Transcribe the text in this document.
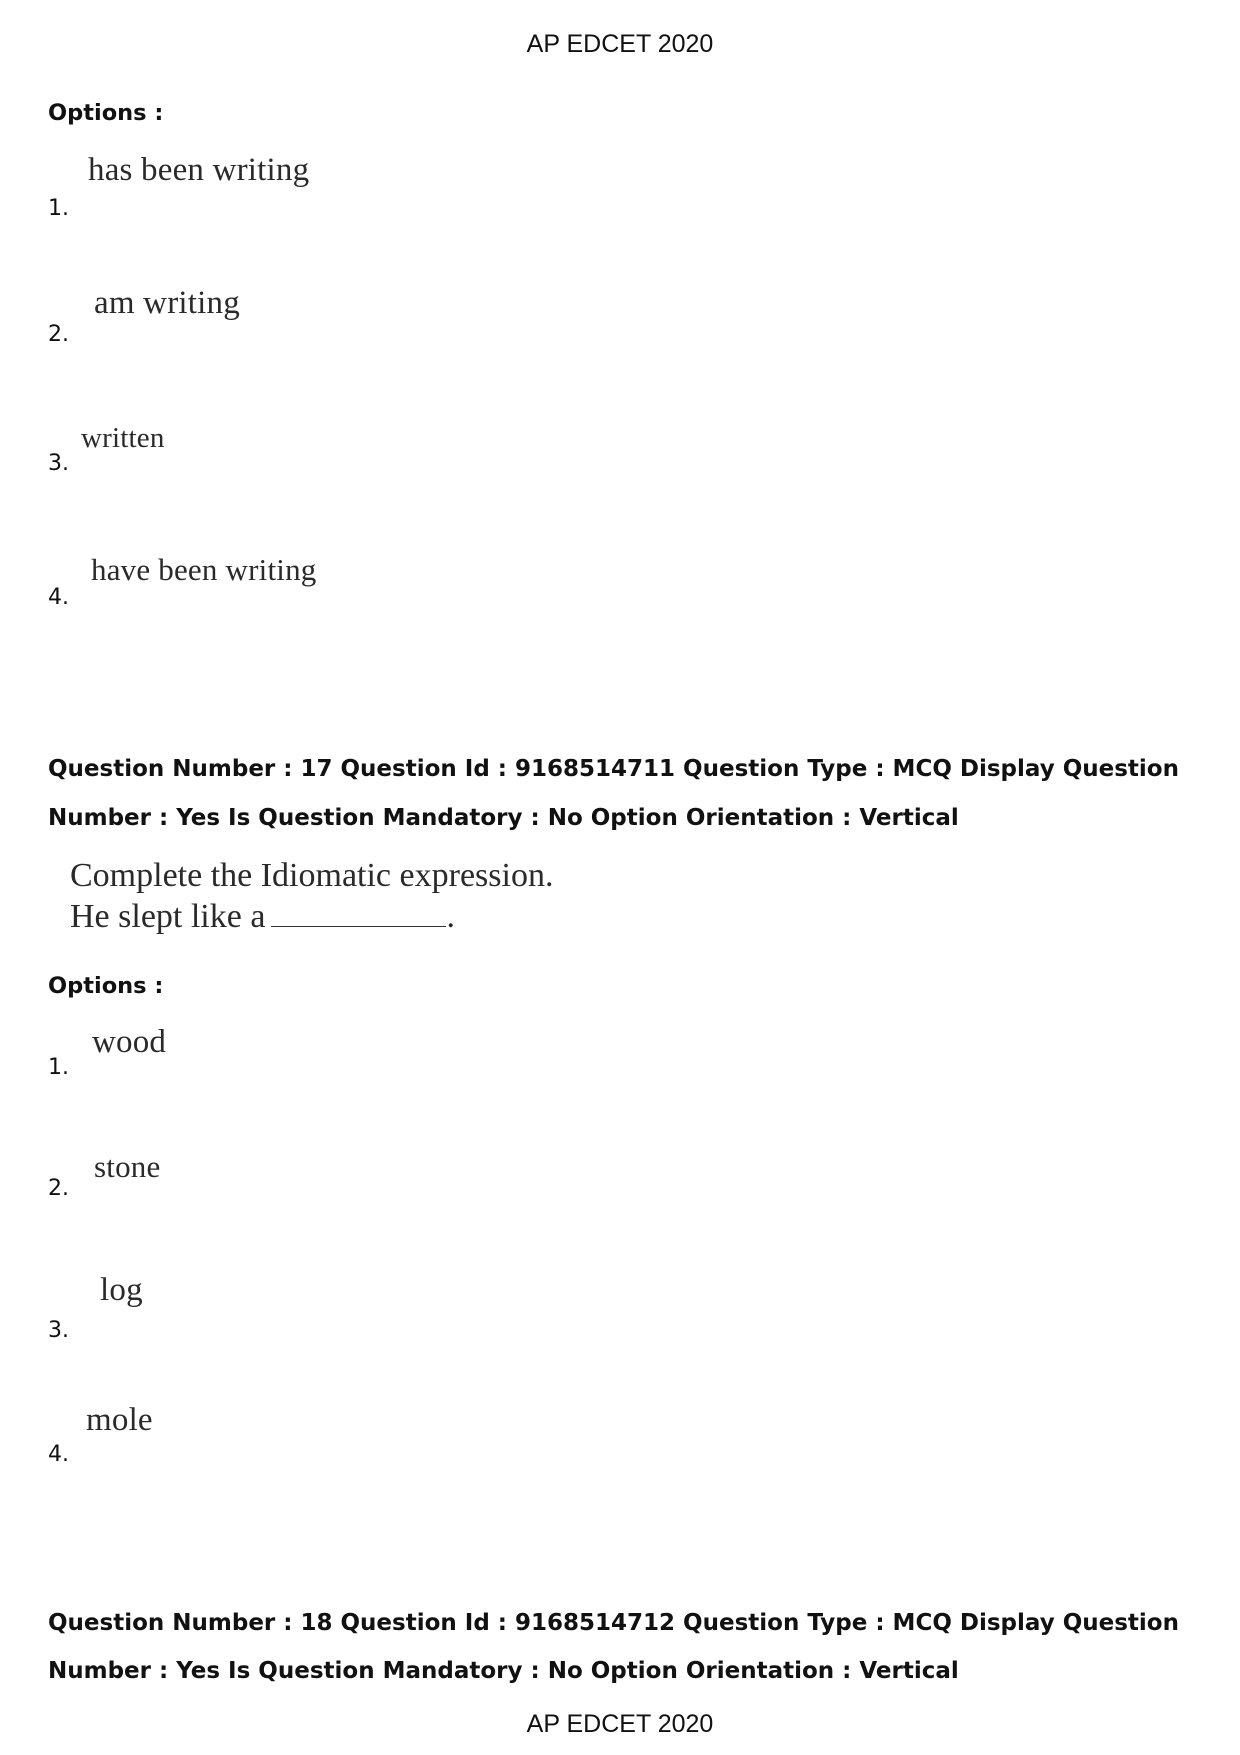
AP EDCET 2020
Options :
1.
has been writing
2.
am writing
3.
written
4.
have been writing
Question Number : 17 Question Id : 9168514711 Question Type : MCQ Display Question
Number : Yes Is Question Mandatory : No Option Orientation : Vertical
Complete the Idiomatic expression.
He slept like a	.
Options :
1.
wood
2.
stone
3.
log
4.
mole
Question Number : 18 Question Id : 9168514712 Question Type : MCQ Display Question
Number : Yes Is Question Mandatory : No Option Orientation : Vertical
AP EDCET 2020
